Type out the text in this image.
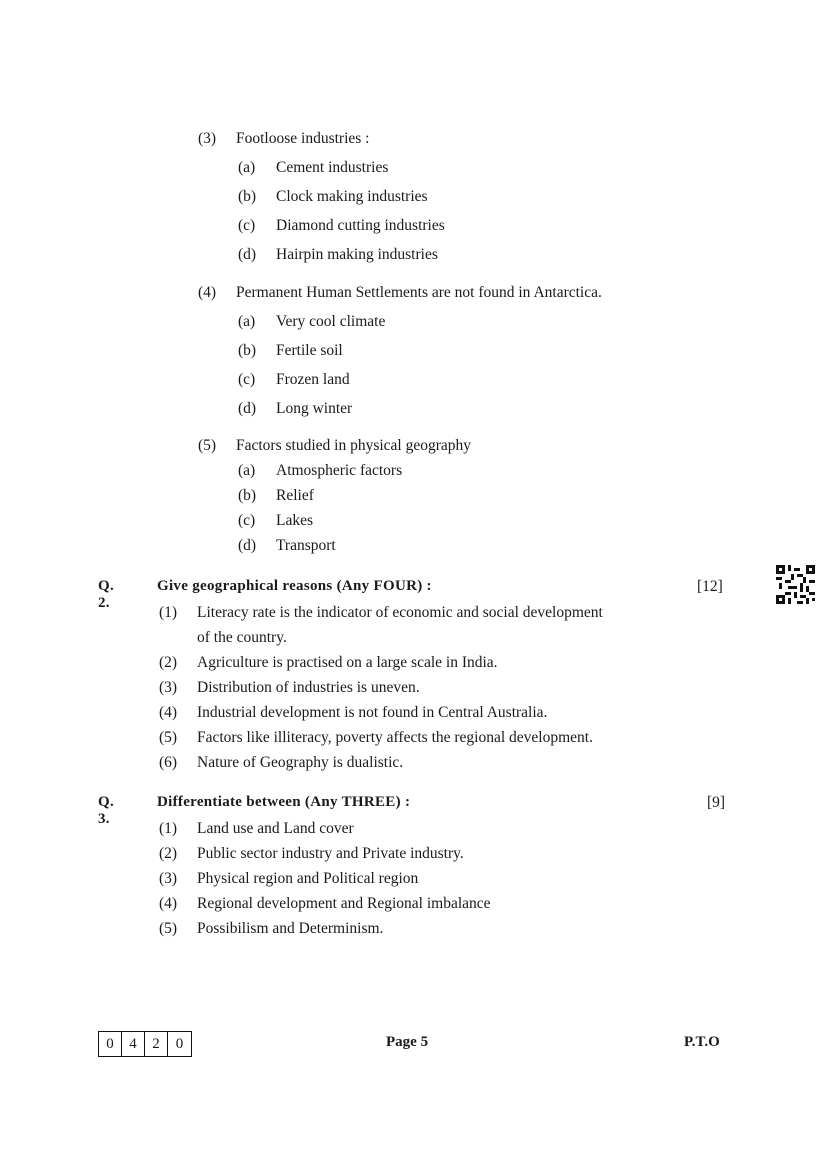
(3) Footloose industries :
(a) Cement industries
(b) Clock making industries
(c) Diamond cutting industries
(d) Hairpin making industries
(4) Permanent Human Settlements are not found in Antarctica.
(a) Very cool climate
(b) Fertile soil
(c) Frozen land
(d) Long winter
(5) Factors studied in physical geography
(a) Atmospheric factors
(b) Relief
(c) Lakes
(d) Transport
Q. 2.
Give geographical reasons (Any FOUR) :	[12]
(1) Literacy rate is the indicator of economic and social development
of the country.
(2) Agriculture is practised on a large scale in India.
(3) Distribution of industries is uneven.
(4) Industrial development is not found in Central Australia.
(5) Factors like illiteracy, poverty affects the regional development.
(6) Nature of Geography is dualistic.
Q. 3.
Differentiate between (Any THREE) :	[9]
(1) Land use and Land cover
(2) Public sector industry and Private industry.
(3) Physical region and Political region
(4) Regional development and Regional imbalance
(5) Possibilism and Determinism.
0	4	2	0	Page 5	P.T.O
